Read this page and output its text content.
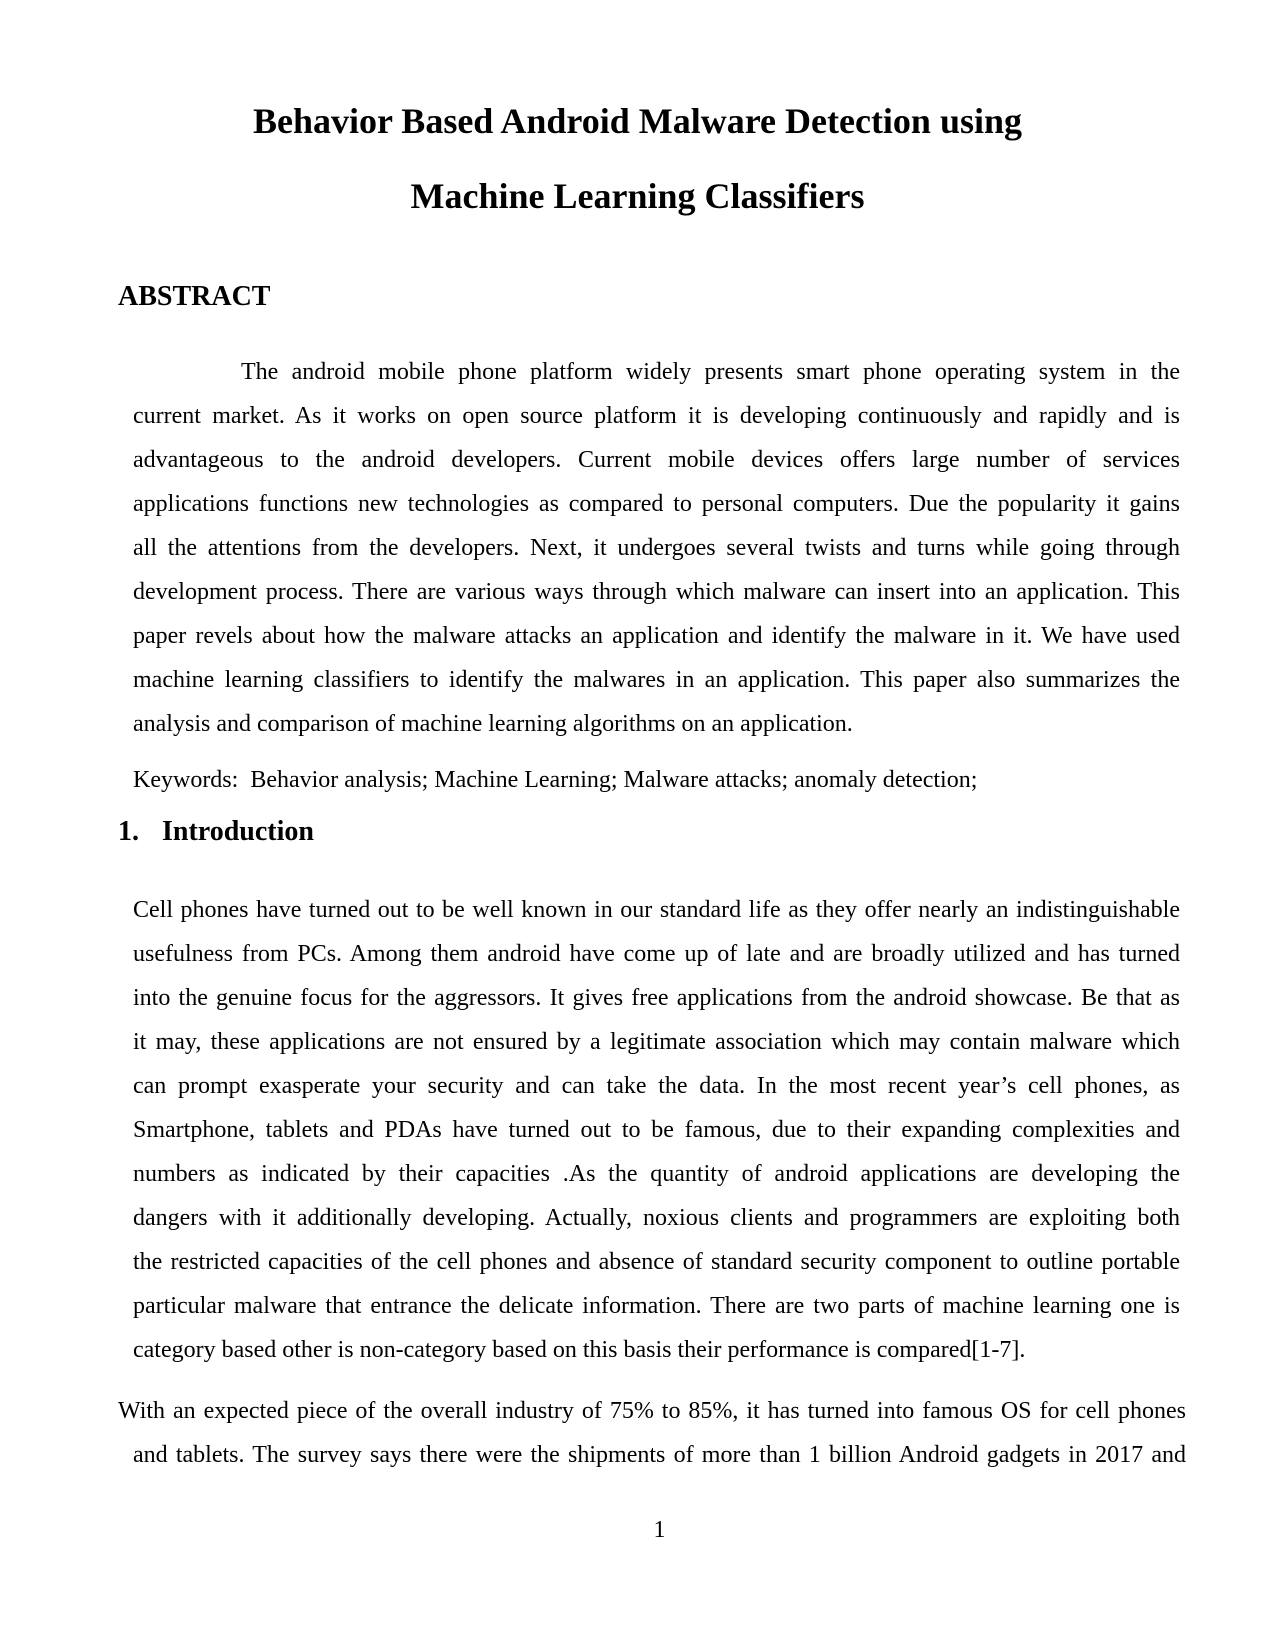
Behavior Based Android Malware Detection using
Machine Learning Classifiers
ABSTRACT
The android mobile phone platform widely presents smart phone operating system in the
current market. As it works on open source platform it is developing continuously and rapidly and is
advantageous to the android developers. Current mobile devices offers large number of services
applications functions new technologies as compared to personal computers. Due the popularity it gains
all the attentions from the developers. Next, it undergoes several twists and turns while going through
development process. There are various ways through which malware can insert into an application. This
paper revels about how the malware attacks an application and identify the malware in it. We have used
machine learning classifiers to identify the malwares in an application. This paper also summarizes the
analysis and comparison of machine learning algorithms on an application.
Keywords:  Behavior analysis; Machine Learning; Malware attacks; anomaly detection;
1. Introduction
Cell phones have turned out to be well known in our standard life as they offer nearly an indistinguishable
usefulness from PCs. Among them android have come up of late and are broadly utilized and has turned
into the genuine focus for the aggressors. It gives free applications from the android showcase. Be that as
it may, these applications are not ensured by a legitimate association which may contain malware which
can prompt exasperate your security and can take the data. In the most recent year’s cell phones, as
Smartphone, tablets and PDAs have turned out to be famous, due to their expanding complexities and
numbers as indicated by their capacities .As the quantity of android applications are developing the
dangers with it additionally developing. Actually, noxious clients and programmers are exploiting both
the restricted capacities of the cell phones and absence of standard security component to outline portable
particular malware that entrance the delicate information. There are two parts of machine learning one is
category based other is non-category based on this basis their performance is compared[1-7].
With an expected piece of the overall industry of 75% to 85%, it has turned into famous OS for cell phones
and tablets. The survey says there were the shipments of more than 1 billion Android gadgets in 2017 and
1
